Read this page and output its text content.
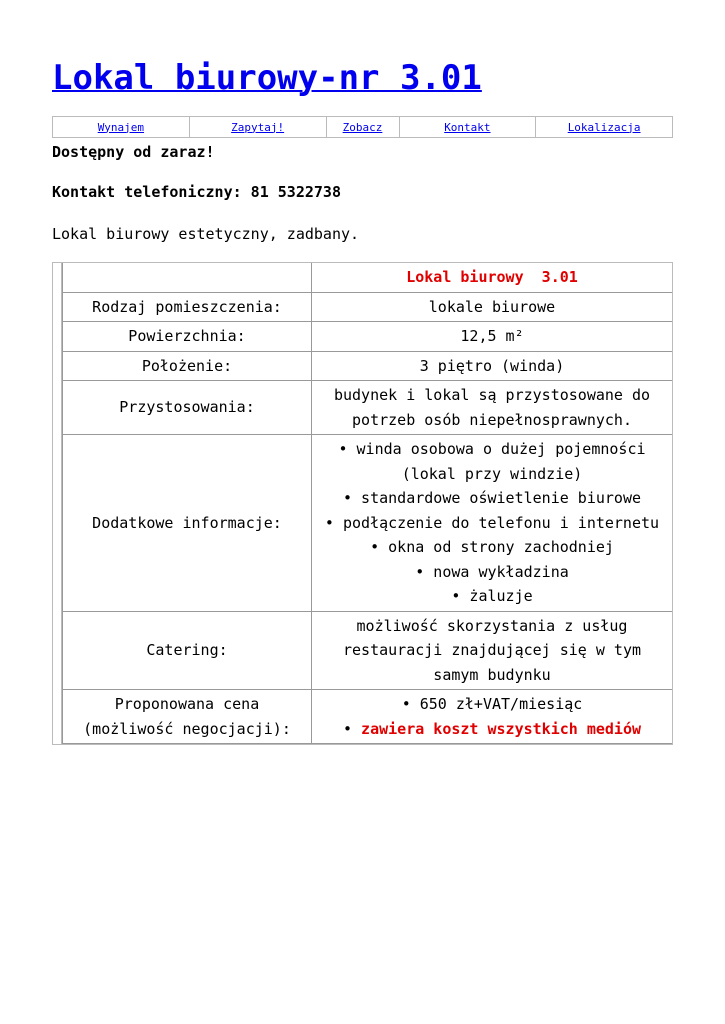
Lokal biurowy-nr 3.01
Wynajem	Zapytaj!	Zobacz	Kontakt	Lokalizacja

Dostępny od zaraz!

Kontakt telefoniczny: 81 5322738

Lokal biurowy estetyczny, zadbany.

	Lokal biurowy  3.01
Rodzaj pomieszczenia:	lokale biurowe
Powierzchnia:	12,5 m²
Położenie:	3 piętro (winda)
Przystosowania:	budynek i lokal są przystosowane do potrzeb osób niepełnosprawnych.
Dodatkowe informacje:	
• winda osobowa o dużej pojemności (lokal przy windzie)
• standardowe oświetlenie biurowe
• podłączenie do telefonu i internetu
• okna od strony zachodniej
• nowa wykładzina
• żaluzje

Catering:	możliwość skorzystania z usług restauracji znajdującej się w tym samym budynku

Proponowana cena
(możliwość negocjacji):

• 650 zł+VAT/miesiąc
• zawiera koszt wszystkich mediów
